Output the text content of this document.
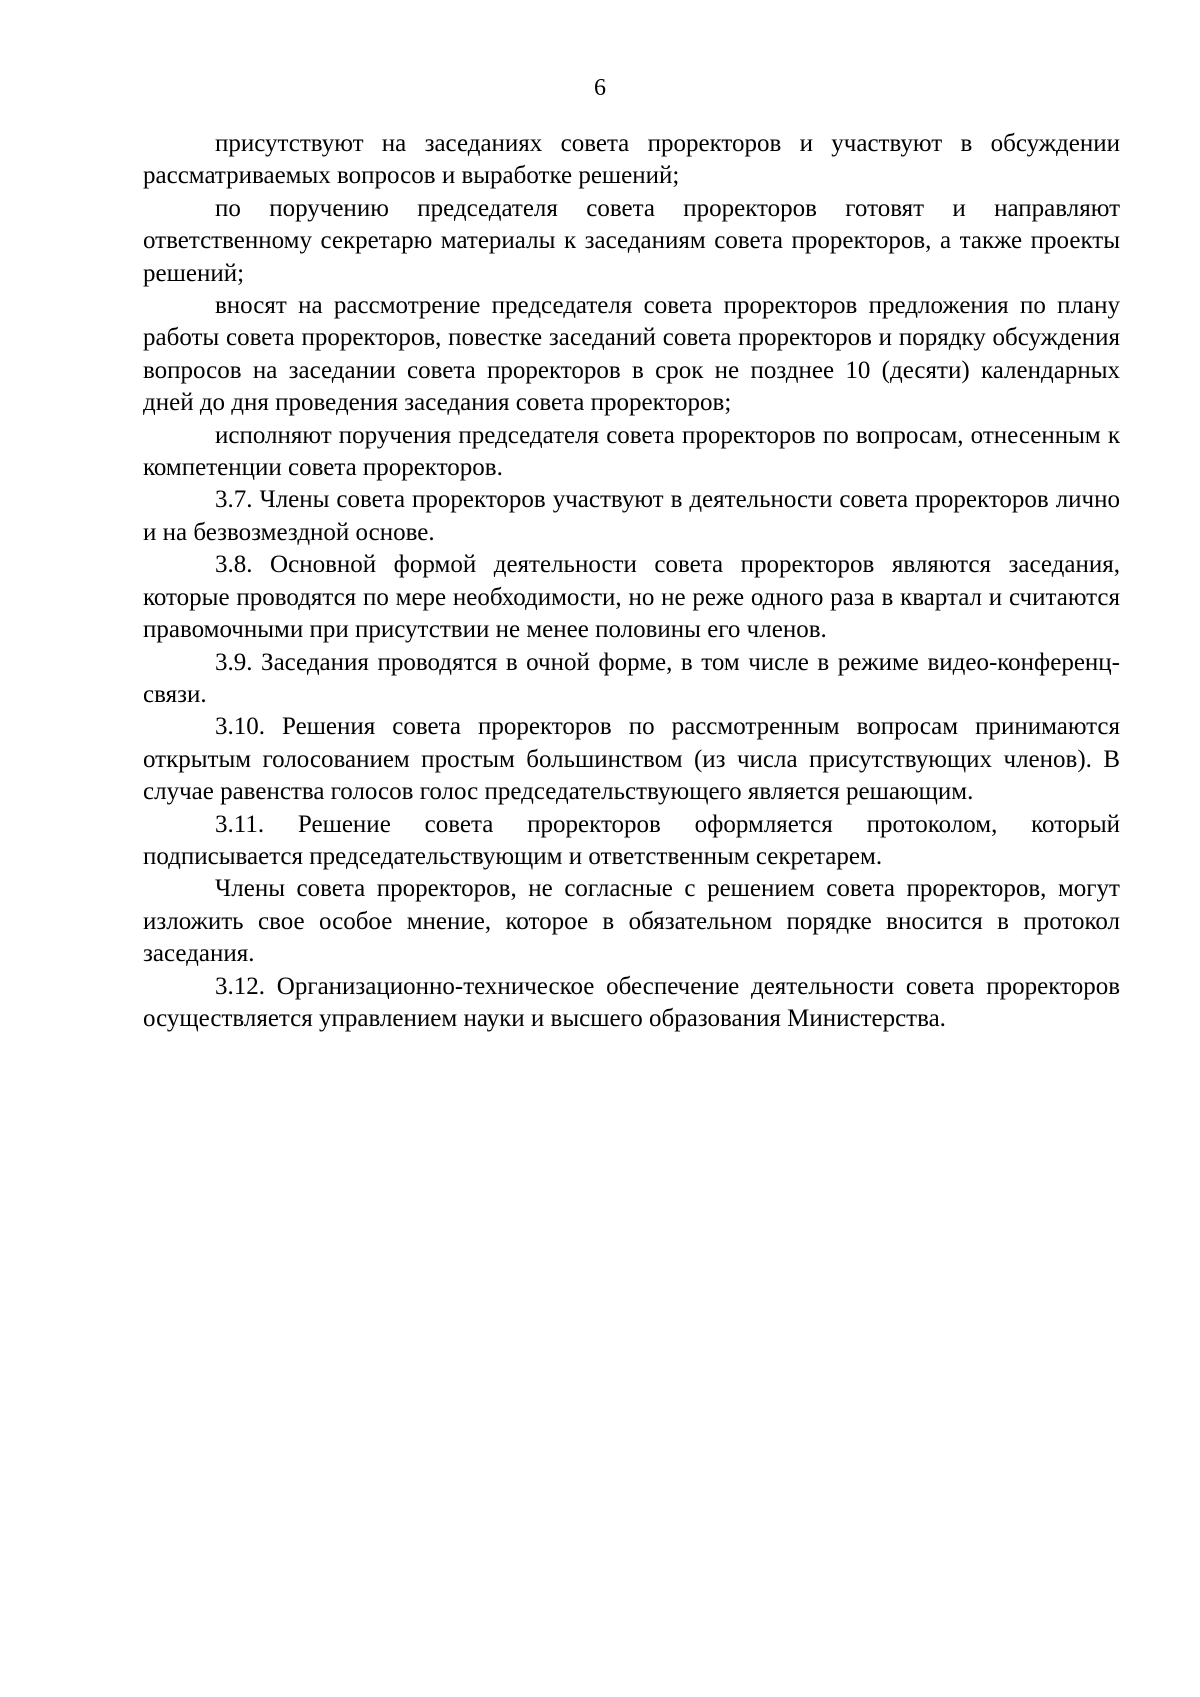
6

присутствуют на заседаниях совета проректоров и участвуют в обсуждении рассматриваемых вопросов и выработке решений;

по поручению председателя совета проректоров готовят и направляют ответственному секретарю материалы к заседаниям совета проректоров, а также проекты решений;

вносят на рассмотрение председателя совета проректоров предложения по плану работы совета проректоров, повестке заседаний совета проректоров и порядку обсуждения вопросов на заседании совета проректоров в срок не позднее 10 (десяти) календарных дней до дня проведения заседания совета проректоров;

исполняют поручения председателя совета проректоров по вопросам, отнесенным к компетенции совета проректоров.

3.7. Члены совета проректоров участвуют в деятельности совета проректоров лично и на безвозмездной основе.

3.8. Основной формой деятельности совета проректоров являются заседания, которые проводятся по мере необходимости, но не реже одного раза в квартал и считаются правомочными при присутствии не менее половины его членов.

3.9. Заседания проводятся в очной форме, в том числе в режиме видео-конференц-связи.

3.10. Решения совета проректоров по рассмотренным вопросам принимаются открытым голосованием простым большинством (из числа присутствующих членов). В случае равенства голосов голос председательствующего является решающим.

3.11. Решение совета проректоров оформляется протоколом, который подписывается председательствующим и ответственным секретарем.

Члены совета проректоров, не согласные с решением совета проректоров, могут изложить свое особое мнение, которое в обязательном порядке вносится в протокол заседания.

3.12. Организационно-техническое обеспечение деятельности совета проректоров осуществляется управлением науки и высшего образования Министерства.
